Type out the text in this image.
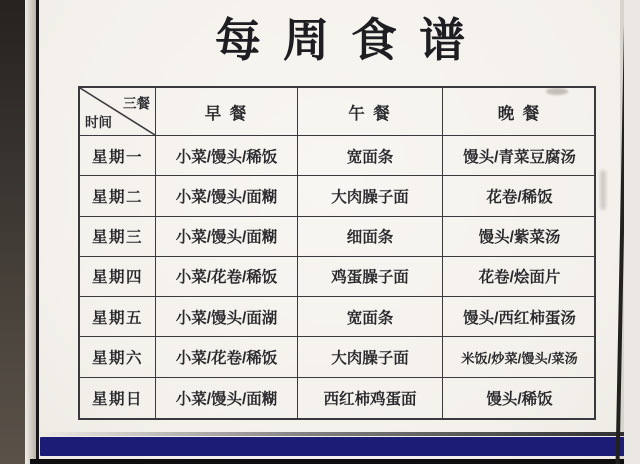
每周食谱
三餐
时间	早 餐	午 餐	晚 餐
星期一	小菜/馒头/稀饭	宽面条	馒头/青菜豆腐汤
星期二	小菜/馒头/面糊	大肉臊子面	花卷/稀饭
星期三	小菜/馒头/面糊	细面条	馒头/紫菜汤
星期四	小菜/花卷/稀饭	鸡蛋臊子面	花卷/烩面片
星期五	小菜/馒头/面湖	宽面条	馒头/西红柿蛋汤
星期六	小菜/花卷/稀饭	大肉臊子面	米饭/炒菜/馒头/菜汤
星期日	小菜/馒头/面糊	西红柿鸡蛋面	馒头/稀饭
